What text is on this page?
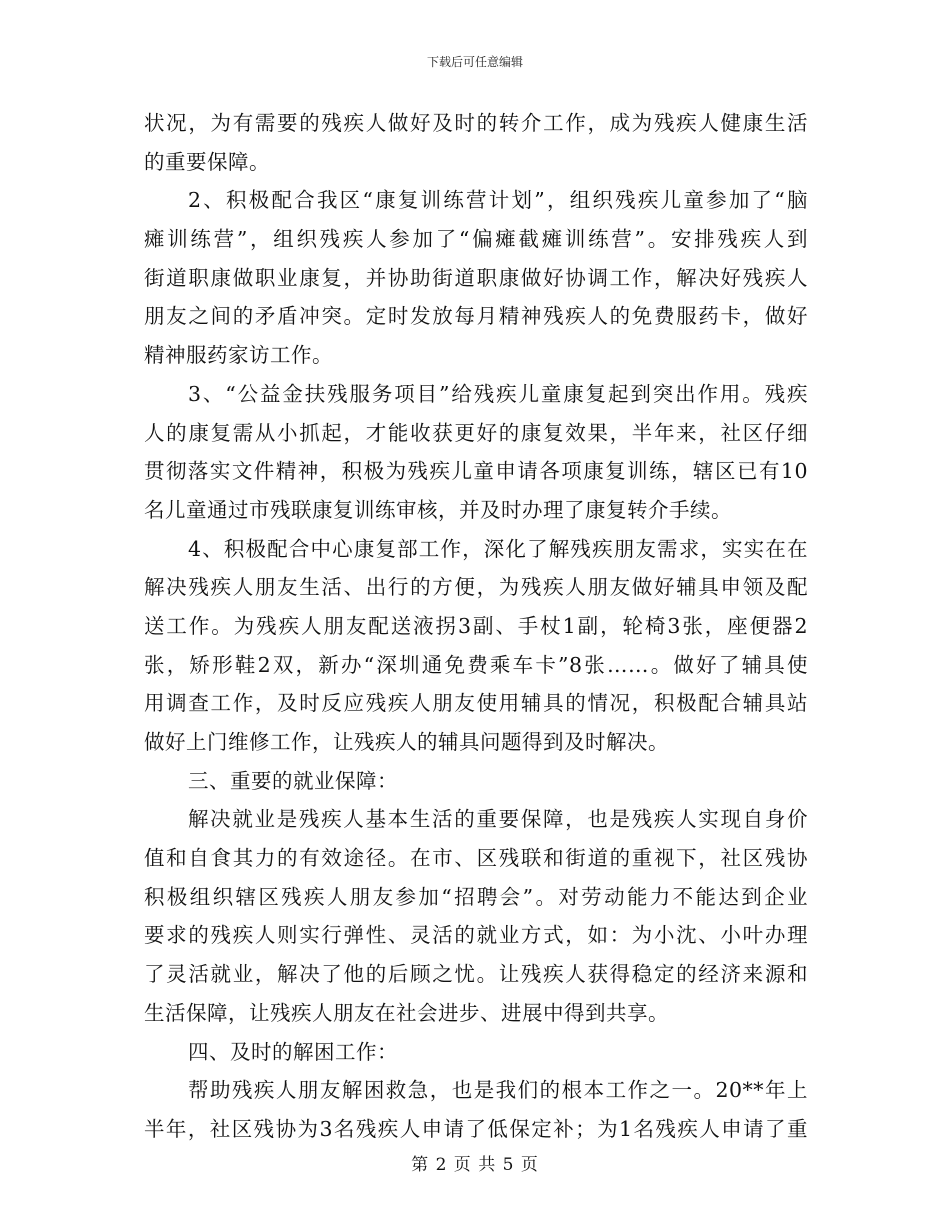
下载后可任意编辑
状况，为有需要的残疾人做好及时的转介工作，成为残疾人健康生活
的重要保障。
2、积极配合我区“康复训练营计划”，组织残疾儿童参加了“脑
瘫训练营”，组织残疾人参加了“偏瘫截瘫训练营”。安排残疾人到
街道职康做职业康复，并协助街道职康做好协调工作，解决好残疾人
朋友之间的矛盾冲突。定时发放每月精神残疾人的免费服药卡，做好
精神服药家访工作。
3、“公益金扶残服务项目”给残疾儿童康复起到突出作用。残疾
人的康复需从小抓起，才能收获更好的康复效果，半年来，社区仔细
贯彻落实文件精神，积极为残疾儿童申请各项康复训练，辖区已有10
名儿童通过市残联康复训练审核，并及时办理了康复转介手续。
4、积极配合中心康复部工作，深化了解残疾朋友需求，实实在在
解决残疾人朋友生活、出行的方便，为残疾人朋友做好辅具申领及配
送工作。为残疾人朋友配送液拐3副、手杖1副，轮椅3张，座便器2
张，矫形鞋2双，新办“深圳通免费乘车卡”8张……。做好了辅具使
用调查工作，及时反应残疾人朋友使用辅具的情况，积极配合辅具站
做好上门维修工作，让残疾人的辅具问题得到及时解决。
三、重要的就业保障：
解决就业是残疾人基本生活的重要保障，也是残疾人实现自身价
值和自食其力的有效途径。在市、区残联和街道的重视下，社区残协
积极组织辖区残疾人朋友参加“招聘会”。对劳动能力不能达到企业
要求的残疾人则实行弹性、灵活的就业方式，如：为小沈、小叶办理
了灵活就业，解决了他的后顾之忧。让残疾人获得稳定的经济来源和
生活保障，让残疾人朋友在社会进步、进展中得到共享。
四、及时的解困工作：
帮助残疾人朋友解困救急，也是我们的根本工作之一。20**年上
半年，社区残协为3名残疾人申请了低保定补；为1名残疾人申请了重
第 2 页 共 5 页
